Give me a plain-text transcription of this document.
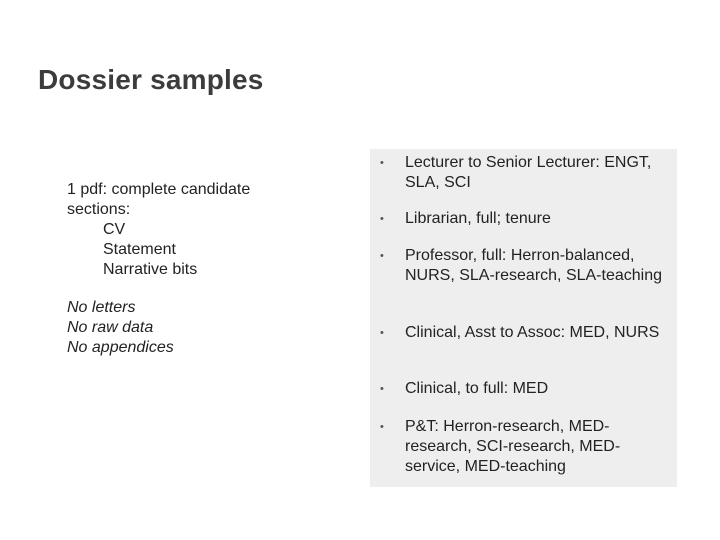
Dossier samples
1 pdf: complete candidate
sections:
CV
Statement
Narrative bits
No letters
No raw data
No appendices
•	Lecturer to Senior Lecturer: ENGT, SLA, SCI
•	Librarian, full; tenure
•	Professor, full: Herron-balanced, NURS, SLA-research, SLA-teaching
•	Clinical, Asst to Assoc: MED, NURS
•	Clinical, to full: MED
•	P&T: Herron-research, MED-research, SCI-research, MED-service, MED-teaching
